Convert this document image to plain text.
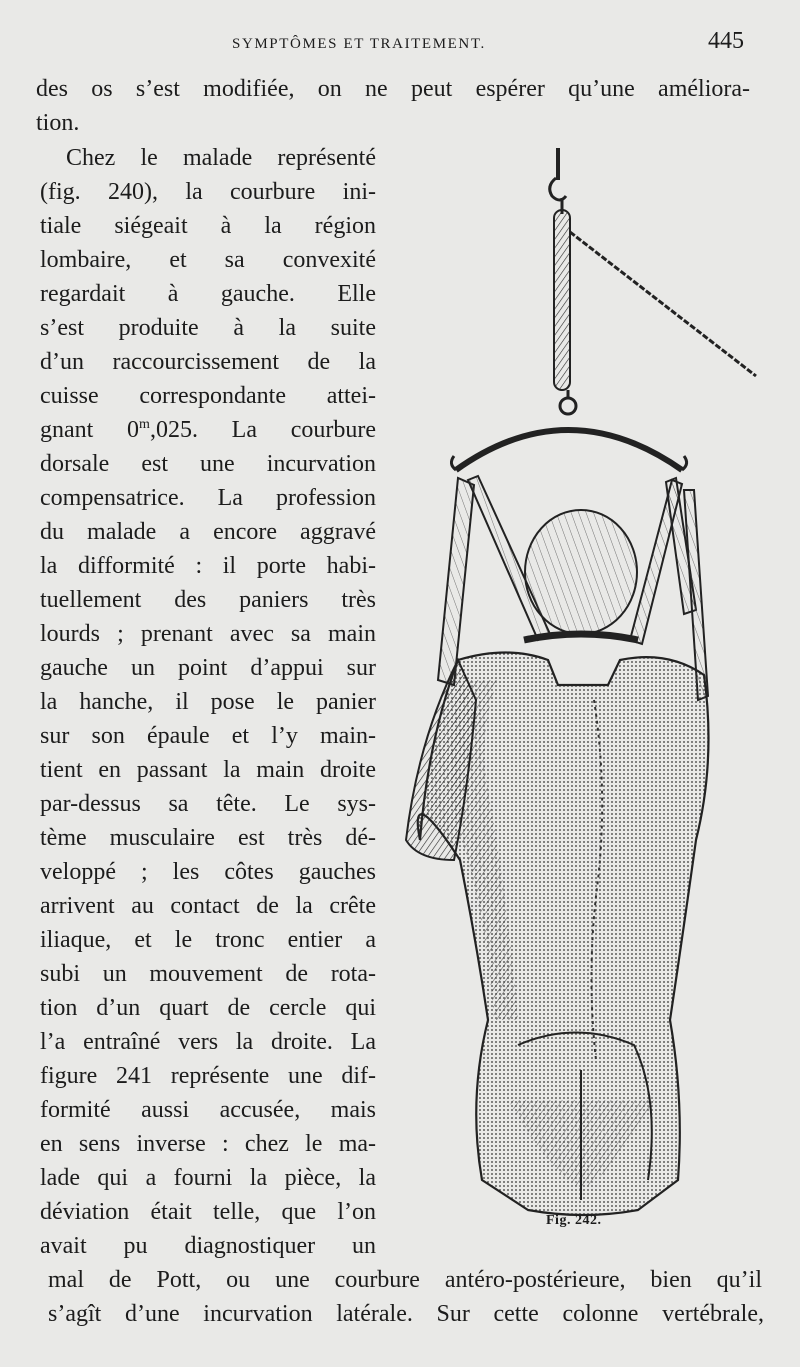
SYMPTÔMES ET TRAITEMENT.	445
des os s’est modifiée, on ne peut espérer qu’une améliora-
tion.
Chez le malade représenté
(fig. 240), la courbure ini-
tiale siégeait à la région
lombaire, et sa convexité
regardait à gauche. Elle
s’est produite à la suite
d’un raccourcissement de la
cuisse correspondante attei-
gnant 0$^m$,025. La courbure
dorsale est une incurvation
compensatrice. La profession
du malade a encore aggravé
la difformité : il porte habi-
tuellement des paniers très
lourds ; prenant avec sa main
gauche un point d’appui sur
la hanche, il pose le panier
sur son épaule et l’y main-
tient en passant la main droite
par-dessus sa tête. Le sys-
tème musculaire est très dé-
veloppé ; les côtes gauches
arrivent au contact de la crête
iliaque, et le tronc entier a
subi un mouvement de rota-
tion d’un quart de cercle qui
l’a entraîné vers la droite. La
figure 241 représente une dif-
formité aussi accusée, mais
en sens inverse : chez le ma-
lade qui a fourni la pièce, la
déviation était telle, que l’on
avait pu diagnostiquer un
mal de Pott, ou une courbure antéro-postérieure, bien qu’il
s’agît d’une incurvation latérale. Sur cette colonne vertébrale,
Fig. 242.
